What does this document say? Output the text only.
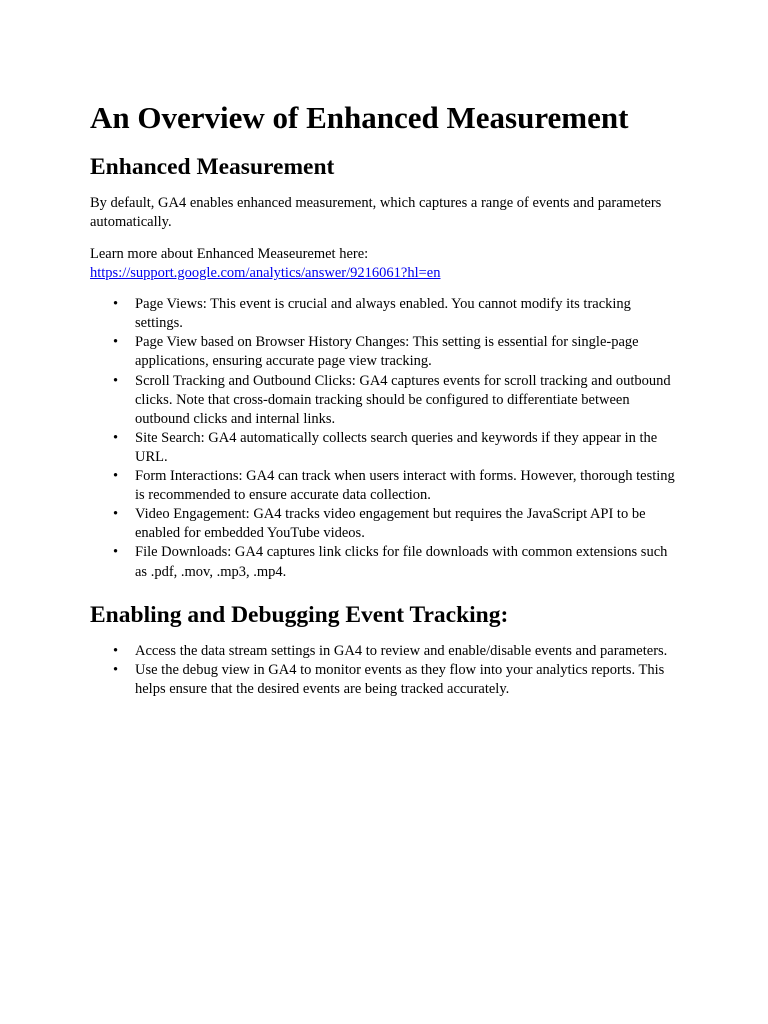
An Overview of Enhanced Measurement
Enhanced Measurement

By default, GA4 enables enhanced measurement, which captures a range of events and parameters automatically.

Learn more about Enhanced Measeuremet here:
https://support.google.com/analytics/answer/9216061?hl=en

• Page Views: This event is crucial and always enabled. You cannot modify its tracking settings.
• Page View based on Browser History Changes: This setting is essential for single-page applications, ensuring accurate page view tracking.
• Scroll Tracking and Outbound Clicks: GA4 captures events for scroll tracking and outbound clicks. Note that cross-domain tracking should be configured to differentiate between outbound clicks and internal links.
• Site Search: GA4 automatically collects search queries and keywords if they appear in the URL.
• Form Interactions: GA4 can track when users interact with forms. However, thorough testing is recommended to ensure accurate data collection.
• Video Engagement: GA4 tracks video engagement but requires the JavaScript API to be enabled for embedded YouTube videos.
• File Downloads: GA4 captures link clicks for file downloads with common extensions such as .pdf, .mov, .mp3, .mp4.
Enabling and Debugging Event Tracking:
• Access the data stream settings in GA4 to review and enable/disable events and parameters.
• Use the debug view in GA4 to monitor events as they flow into your analytics reports. This helps ensure that the desired events are being tracked accurately.
